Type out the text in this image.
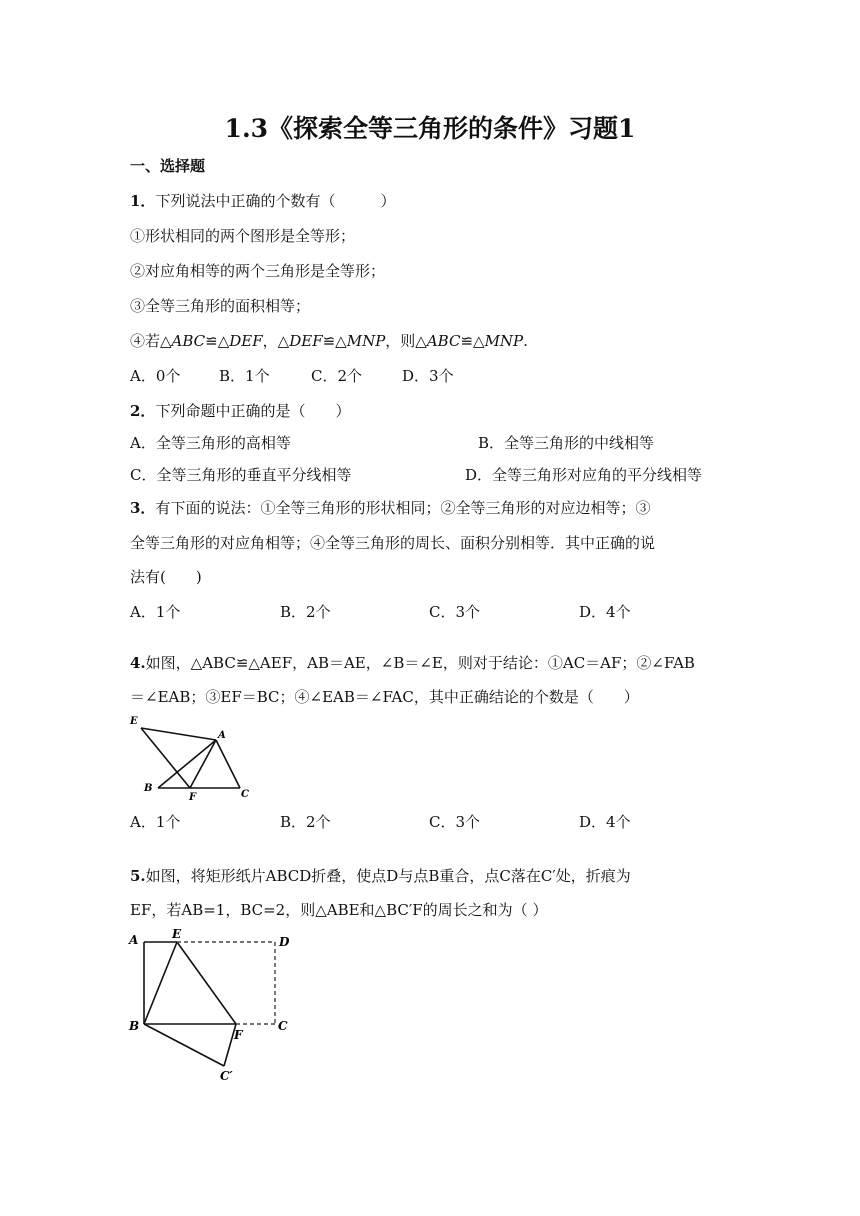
1.3《探索全等三角形的条件》习题1
一、选择题
1．下列说法中正确的个数有（　　　）
①形状相同的两个图形是全等形；
②对应角相等的两个三角形是全等形；
③全等三角形的面积相等；
④若△ABC≌△DEF，△DEF≌△MNP，则△ABC≌△MNP.
A．0个	B．1个	C．2个	D．3个
2．下列命题中正确的是（　　）
A．全等三角形的高相等	B．全等三角形的中线相等
C．全等三角形的垂直平分线相等	D．全等三角形对应角的平分线相等
3．有下面的说法：①全等三角形的形状相同；②全等三角形的对应边相等；③
全等三角形的对应角相等；④全等三角形的周长、面积分别相等．其中正确的说
法有(　　)
A．1个	B．2个	C．3个	D．4个
4.如图，△ABC≌△AEF，AB＝AE，∠B＝∠E，则对于结论：①AC＝AF；②∠FAB
＝∠EAB；③EF＝BC；④∠EAB＝∠FAC，其中正确结论的个数是（　　）
E
A
B
F	C
A．1个	B．2个	C．3个	D．4个
5.如图，将矩形纸片ABCD折叠，使点D与点B重合，点C落在C′处，折痕为
EF，若AB=1，BC=2，则△ABE和△BC′F的周长之和为（ ）
A	E
D
B
F
C
C′
